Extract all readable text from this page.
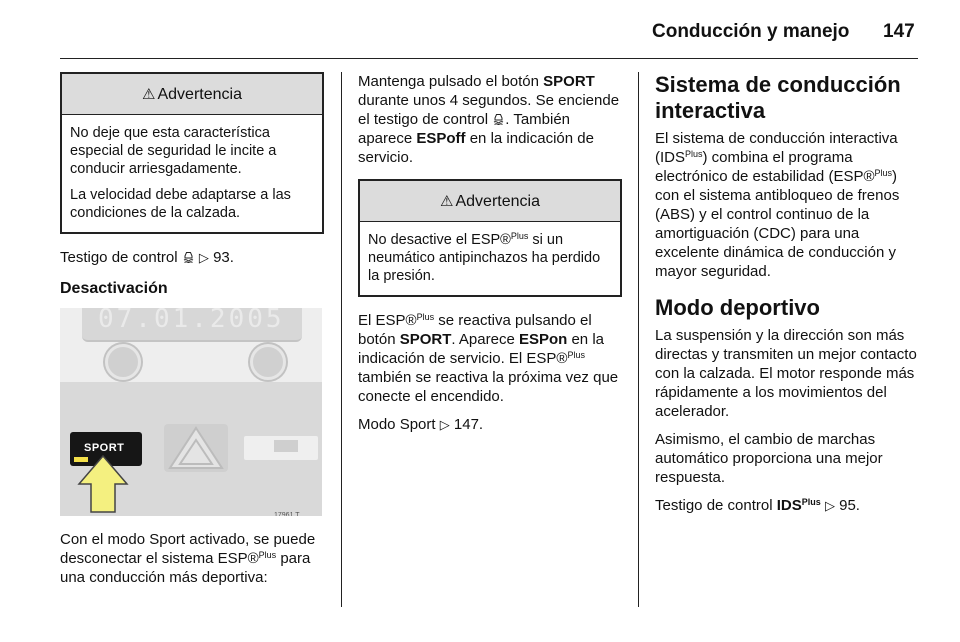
Conducción y manejo 147
⚠ Advertencia

No deje que esta característica especial de seguridad le incite a conducir arriesgadamente.

La velocidad debe adaptarse a las condiciones de la calzada.

Testigo de control ▷ 93.

Desactivación
07.01.2005
SPORT
17961 T

Con el modo Sport activado, se puede desconectar el sistema ESP®$^{Plus}$ para una conducción más deportiva:

Mantenga pulsado el botón SPORT durante unos 4 segundos. Se enciende el testigo de control . También aparece ESPoff en la indicación de servicio.

⚠ Advertencia

No desactive el ESP®$^{Plus}$ si un neumático antipinchazos ha perdido la presión.

El ESP®$^{Plus}$ se reactiva pulsando el botón SPORT. Aparece ESPon en la indicación de servicio. El ESP®$^{Plus}$ también se reactiva la próxima vez que conecte el encendido.

Modo Sport ▷ 147.

Sistema de conducción interactiva

El sistema de conducción interactiva $(IDS^{Plus})$ combina el programa electrónico de estabilidad (ESP®$^{Plus}$) con el sistema antibloqueo de frenos (ABS) y el control continuo de la amortiguación (CDC) para una excelente dinámica de conducción y mayor seguridad.

Modo deportivo

La suspensión y la dirección son más directas y transmiten un mejor contacto con la calzada. El motor responde más rápidamente a los movimientos del acelerador.

Asimismo, el cambio de marchas automático proporciona una mejor respuesta.

Testigo de control $IDS^{Plus}$ ▷ 95.
